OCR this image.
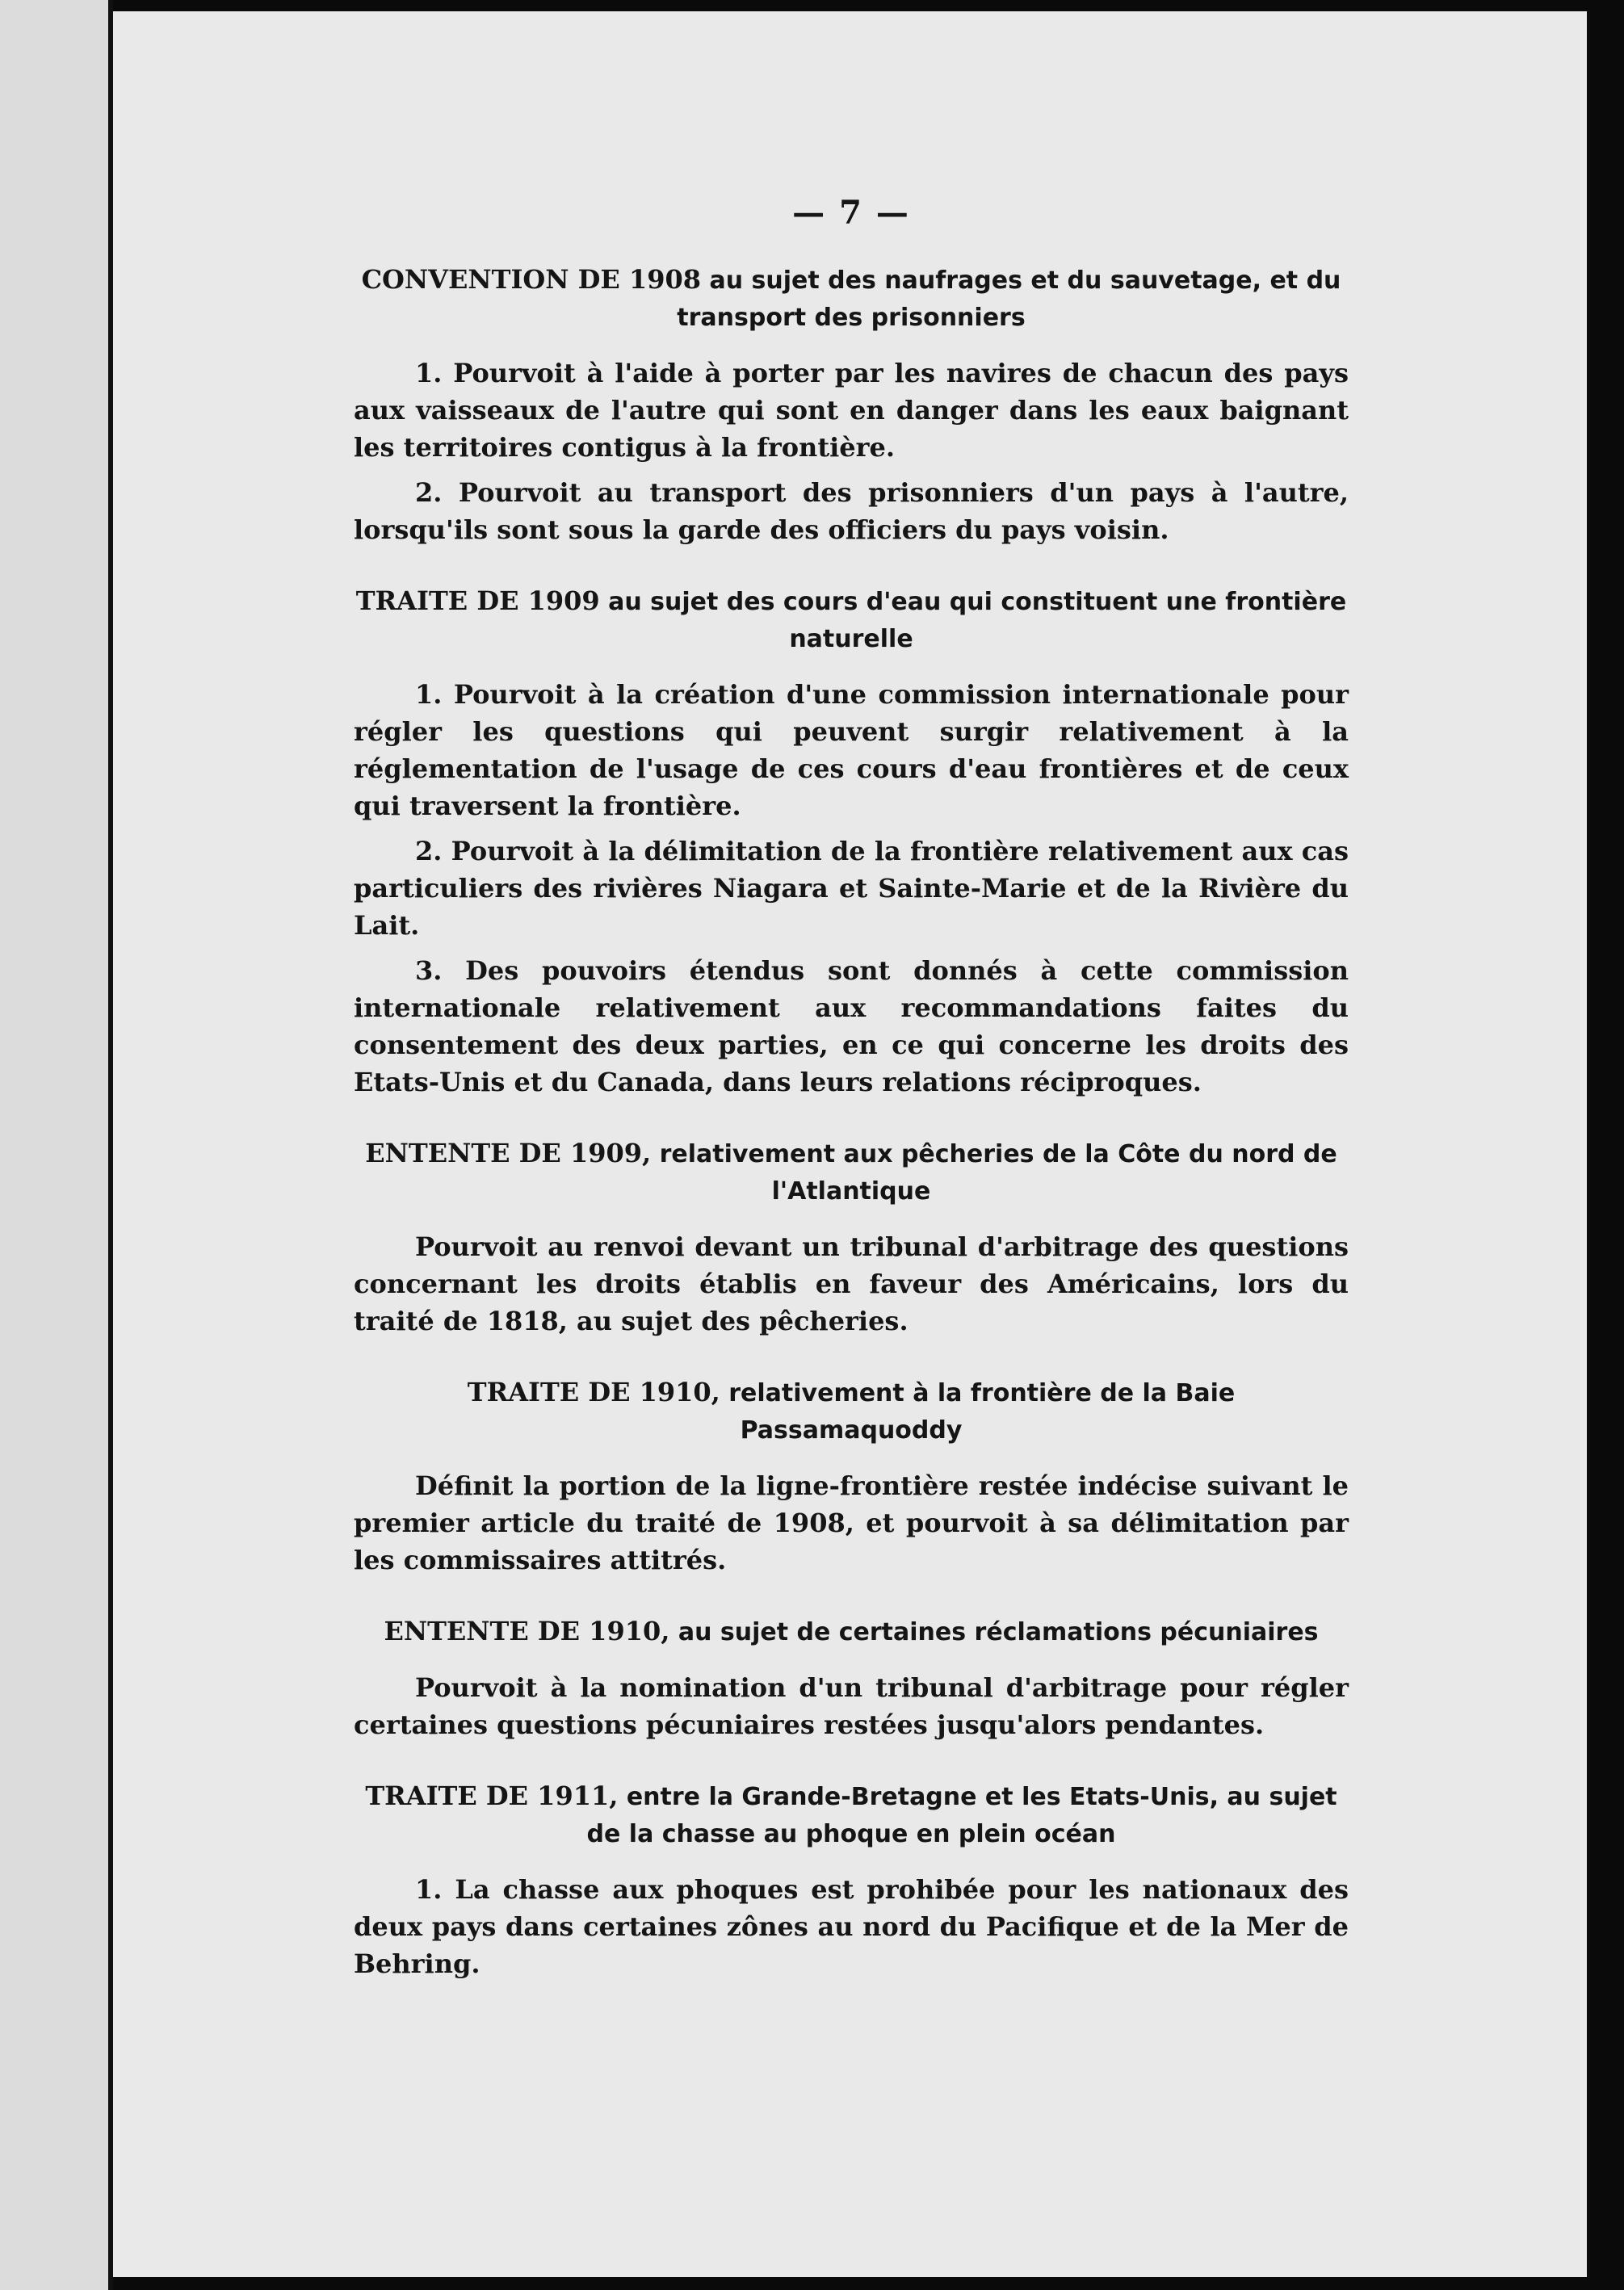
— 7 —
CONVENTION DE 1908 au sujet des naufrages et du sauvetage, et du transport des prisonniers

1. Pourvoit à l'aide à porter par les navires de chacun des pays aux vaisseaux de l'autre qui sont en danger dans les eaux baignant les territoires contigus à la frontière.

2. Pourvoit au transport des prisonniers d'un pays à l'autre, lorsqu'ils sont sous la garde des officiers du pays voisin.

TRAITE DE 1909 au sujet des cours d'eau qui constituent une frontière naturelle

1. Pourvoit à la création d'une commission internationale pour régler les questions qui peuvent surgir relativement à la réglementation de l'usage de ces cours d'eau frontières et de ceux qui traversent la frontière.

2. Pourvoit à la délimitation de la frontière relativement aux cas particuliers des rivières Niagara et Sainte-Marie et de la Rivière du Lait.

3. Des pouvoirs étendus sont donnés à cette commission internationale relativement aux recommandations faites du consentement des deux parties, en ce qui concerne les droits des Etats-Unis et du Canada, dans leurs relations réciproques.

ENTENTE DE 1909, relativement aux pêcheries de la Côte du nord de l'Atlantique

Pourvoit au renvoi devant un tribunal d'arbitrage des questions concernant les droits établis en faveur des Américains, lors du traité de 1818, au sujet des pêcheries.

TRAITE DE 1910, relativement à la frontière de la Baie Passamaquoddy

Définit la portion de la ligne-frontière restée indécise suivant le premier article du traité de 1908, et pourvoit à sa délimitation par les commissaires attitrés.

ENTENTE DE 1910, au sujet de certaines réclamations pécuniaires

Pourvoit à la nomination d'un tribunal d'arbitrage pour régler certaines questions pécuniaires restées jusqu'alors pendantes.

TRAITE DE 1911, entre la Grande-Bretagne et les Etats-Unis, au sujet de la chasse au phoque en plein océan

1. La chasse aux phoques est prohibée pour les nationaux des deux pays dans certaines zônes au nord du Pacifique et de la Mer de Behring.
